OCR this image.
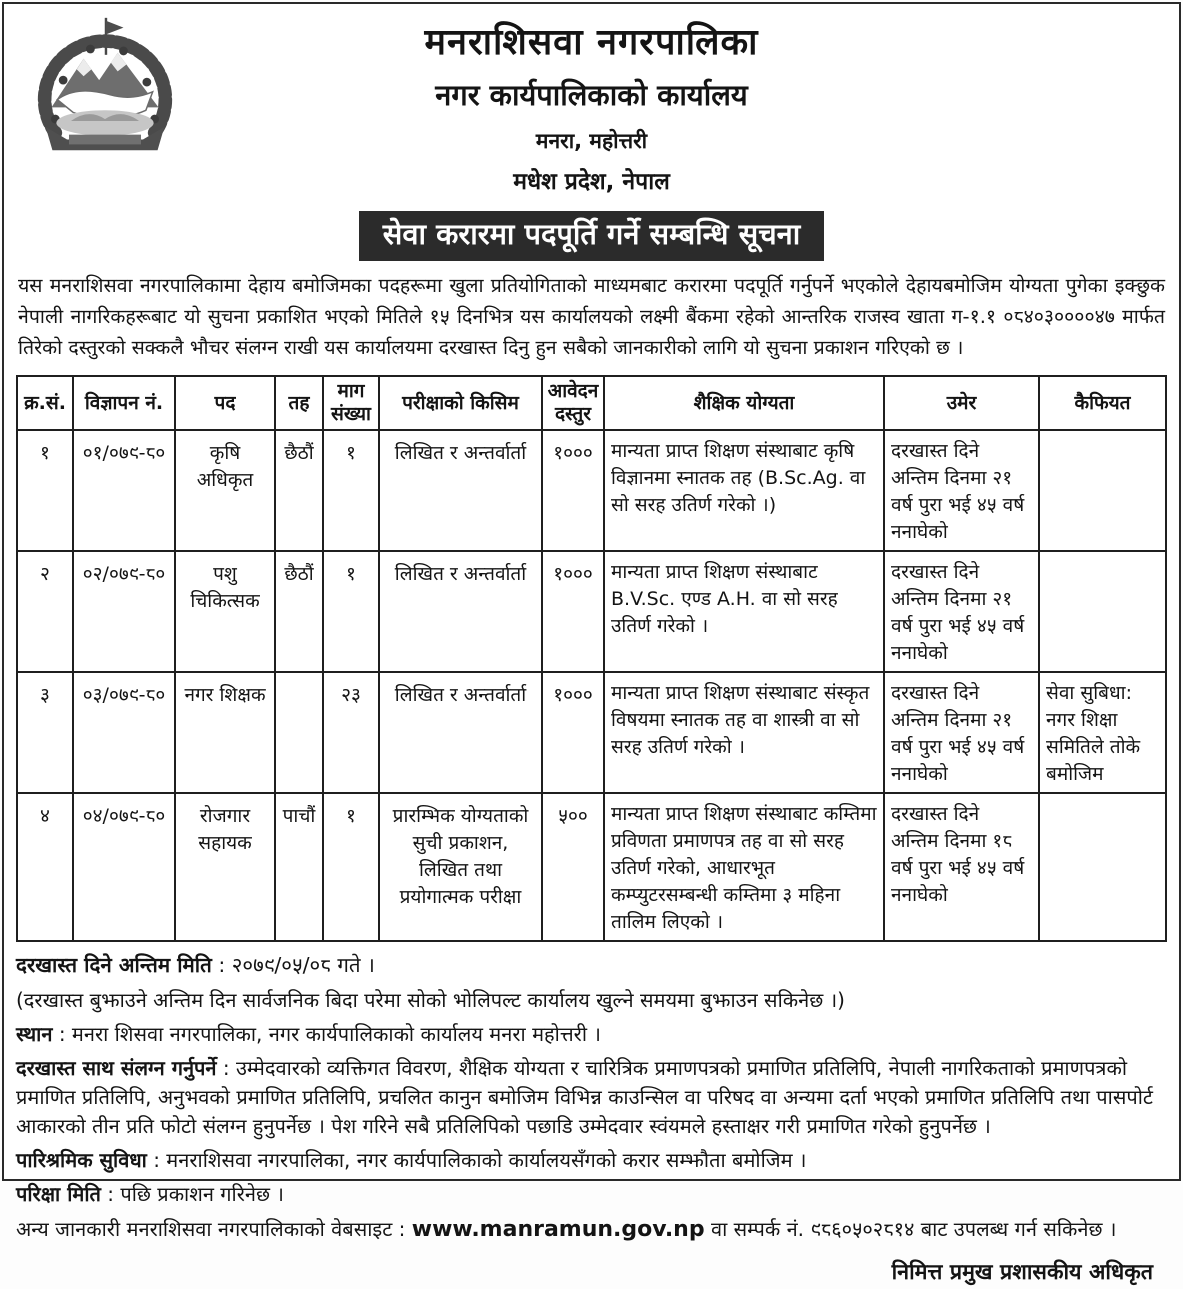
मनराशिसवा नगरपालिका
नगर कार्यपालिकाको कार्यालय
मनरा, महोत्तरी
मधेश प्रदेश, नेपाल
सेवा करारमा पदपूर्ति गर्ने सम्बन्धि सूचना

यस मनराशिसवा नगरपालिकामा देहाय बमोजिमका पदहरूमा खुला प्रतियोगिताको माध्यमबाट करारमा पदपूर्ति गर्नुपर्ने भएकोले देहायबमोजिम योग्यता पुगेका इक्छुक नेपाली नागरिकहरूबाट यो सुचना प्रकाशित भएको मितिले १५ दिनभित्र यस कार्यालयको लक्ष्मी बैंकमा रहेको आन्तरिक राजस्व खाता ग-१.१ ०८४०३००००४७ मार्फत तिरेको दस्तुरको सक्कलै भौचर संलग्न राखी यस कार्यालयमा दरखास्त दिनु हुन सबैको जानकारीको लागि यो सुचना प्रकाशन गरिएको छ ।

क्र.सं.	विज्ञापन नं.	पद	तह	माग संख्या	परीक्षाको किसिम	आवेदन दस्तुर	शैक्षिक योग्यता	उमेर	कैफियत
१	०१/०७९-८०	कृषि अधिकृत	छैठौं	१	लिखित र अन्तर्वार्ता	१०००	मान्यता प्राप्त शिक्षण संस्थाबाट कृषि विज्ञानमा स्नातक तह (B.Sc.Ag. वा सो सरह उतिर्ण गरेको ।)	दरखास्त दिने अन्तिम दिनमा २१ वर्ष पुरा भई ४५ वर्ष ननाघेको	
२	०२/०७९-८०	पशु चिकित्सक	छैठौं	१	लिखित र अन्तर्वार्ता	१०००	मान्यता प्राप्त शिक्षण संस्थाबाट B.V.Sc. एण्ड A.H. वा सो सरह उतिर्ण गरेको ।	दरखास्त दिने अन्तिम दिनमा २१ वर्ष पुरा भई ४५ वर्ष ननाघेको	
३	०३/०७९-८०	नगर शिक्षक		२३	लिखित र अन्तर्वार्ता	१०००	मान्यता प्राप्त शिक्षण संस्थाबाट संस्कृत विषयमा स्नातक तह वा शास्त्री वा सो सरह उतिर्ण गरेको ।	दरखास्त दिने अन्तिम दिनमा २१ वर्ष पुरा भई ४५ वर्ष ननाघेको	सेवा सुबिधा: नगर शिक्षा समितिले तोके बमोजिम
४	०४/०७९-८०	रोजगार सहायक	पाचौं	१	प्रारम्भिक योग्यताको सुची प्रकाशन, लिखित तथा प्रयोगात्मक परीक्षा	५००	मान्यता प्राप्त शिक्षण संस्थाबाट कम्तिमा प्रविणता प्रमाणपत्र तह वा सो सरह उतिर्ण गरेको, आधारभूत कम्प्युटरसम्बन्धी कम्तिमा ३ महिना तालिम लिएको ।	दरखास्त दिने अन्तिम दिनमा १८ वर्ष पुरा भई ४५ वर्ष ननाघेको	
दरखास्त दिने अन्तिम मिति : २०७९/०५/०८ गते ।
(दरखास्त बुझाउने अन्तिम दिन सार्वजनिक बिदा परेमा सोको भोलिपल्ट कार्यालय खुल्ने समयमा बुझाउन सकिनेछ ।)
स्थान : मनरा शिसवा नगरपालिका, नगर कार्यपालिकाको कार्यालय मनरा महोत्तरी ।
दरखास्त साथ संलग्न गर्नुपर्ने : उम्मेदवारको व्यक्तिगत विवरण, शैक्षिक योग्यता र चारित्रिक प्रमाणपत्रको प्रमाणित प्रतिलिपि, नेपाली नागरिकताको प्रमाणपत्रको प्रमाणित प्रतिलिपि, अनुभवको प्रमाणित प्रतिलिपि, प्रचलित कानुन बमोजिम विभिन्न काउन्सिल वा परिषद वा अन्यमा दर्ता भएको प्रमाणित प्रतिलिपि तथा पासपोर्ट आकारको तीन प्रति फोटो संलग्न हुनुपर्नेछ । पेश गरिने सबै प्रतिलिपिको पछाडि उम्मेदवार स्वंयमले हस्ताक्षर गरी प्रमाणित गरेको हुनुपर्नेछ ।
पारिश्रमिक सुविधा : मनराशिसवा नगरपालिका, नगर कार्यपालिकाको कार्यालयसँगको करार सम्झौता बमोजिम ।
परिक्षा मिति : पछि प्रकाशन गरिनेछ ।
अन्य जानकारी मनराशिसवा नगरपालिकाको वेबसाइट : www.manramun.gov.np वा सम्पर्क नं. ९८६०५०२८१४ बाट उपलब्ध गर्न सकिनेछ ।
निमित्त प्रमुख प्रशासकीय अधिकृत
